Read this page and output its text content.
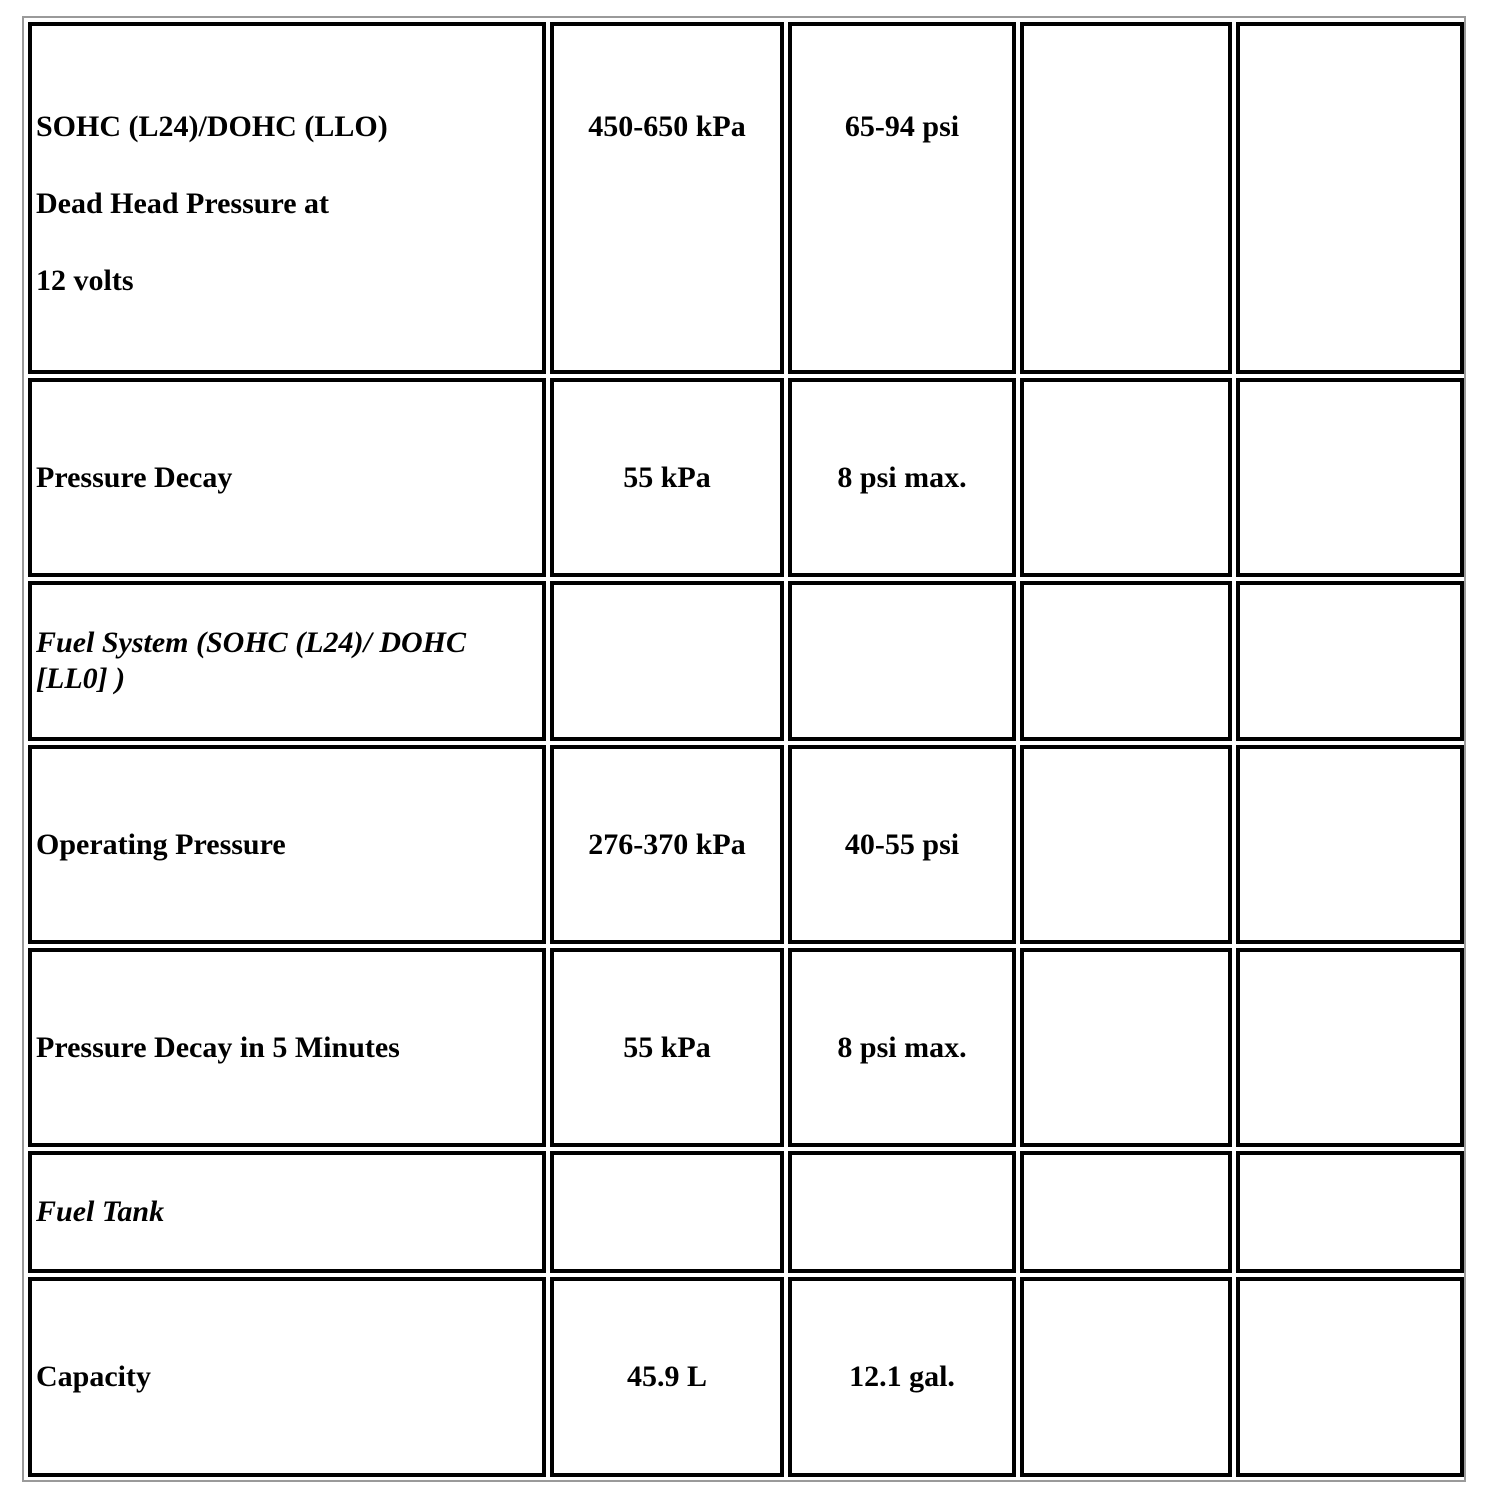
SOHC (L24)/DOHC (LLO)
Dead Head Pressure at
12 volts	450-650 kPa	65-94 psi		
Pressure Decay	55 kPa	8 psi max.		
Fuel System (SOHC (L24)/ DOHC [LL0] )				
Operating Pressure	276-370 kPa	40-55 psi		
Pressure Decay in 5 Minutes	55 kPa	8 psi max.		
Fuel Tank				
Capacity	45.9 L	12.1 gal.		
